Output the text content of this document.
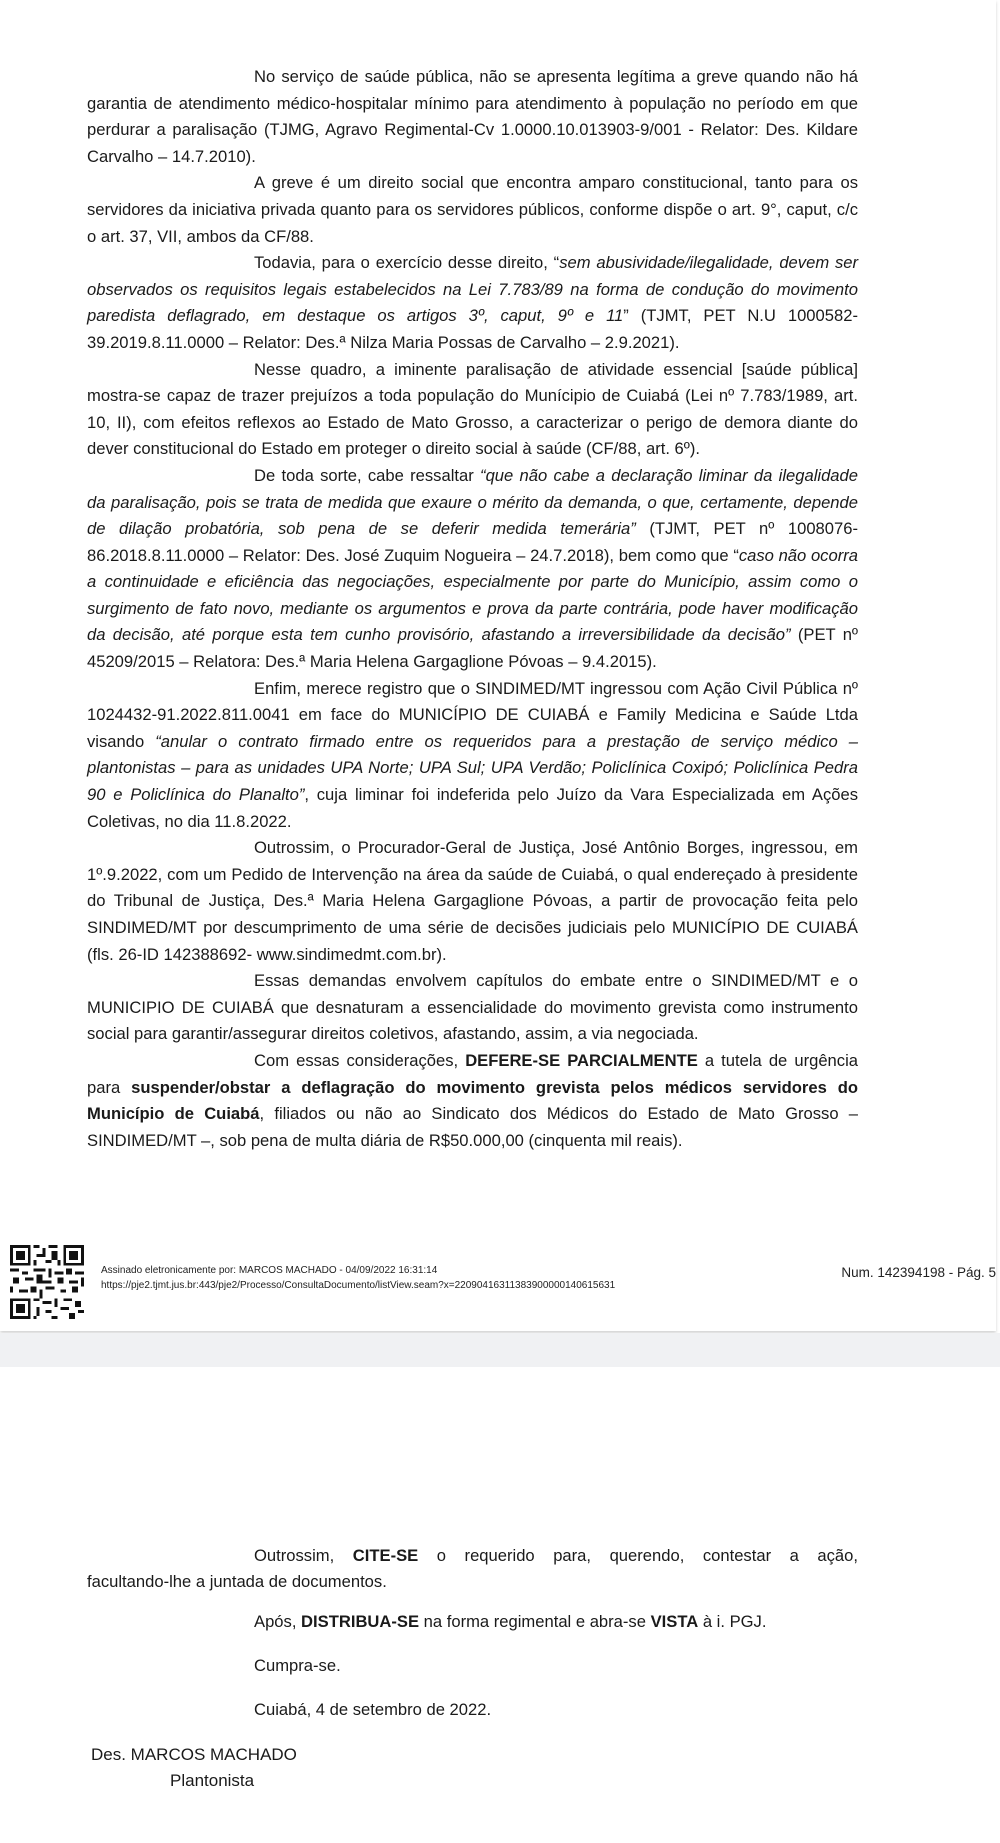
No serviço de saúde pública, não se apresenta legítima a greve quando não há garantia de atendimento médico-hospitalar mínimo para atendimento à população no período em que perdurar a paralisação (TJMG, Agravo Regimental-Cv 1.0000.10.013903-9/001 - Relator: Des. Kildare Carvalho – 14.7.2010).

A greve é um direito social que encontra amparo constitucional, tanto para os servidores da iniciativa privada quanto para os servidores públicos, conforme dispõe o art. 9°, caput, c/c o art. 37, VII, ambos da CF/88.

Todavia, para o exercício desse direito, “sem abusividade/ilegalidade, devem ser observados os requisitos legais estabelecidos na Lei 7.783/89 na forma de condução do movimento paredista deflagrado, em destaque os artigos 3º, caput, 9º e 11” (TJMT, PET N.U 1000582-39.2019.8.11.0000 – Relator: Des.ª Nilza Maria Possas de Carvalho – 2.9.2021).

Nesse quadro, a iminente paralisação de atividade essencial [saúde pública] mostra-se capaz de trazer prejuízos a toda população do Munícipio de Cuiabá (Lei nº 7.783/1989, art. 10, II), com efeitos reflexos ao Estado de Mato Grosso, a caracterizar o perigo de demora diante do dever constitucional do Estado em proteger o direito social à saúde (CF/88, art. 6º).

De toda sorte, cabe ressaltar “que não cabe a declaração liminar da ilegalidade da paralisação, pois se trata de medida que exaure o mérito da demanda, o que, certamente, depende de dilação probatória, sob pena de se deferir medida temerária” (TJMT, PET nº 1008076-86.2018.8.11.0000 – Relator: Des. José Zuquim Nogueira – 24.7.2018), bem como que “caso não ocorra a continuidade e eficiência das negociações, especialmente por parte do Município, assim como o surgimento de fato novo, mediante os argumentos e prova da parte contrária, pode haver modificação da decisão, até porque esta tem cunho provisório, afastando a irreversibilidade da decisão” (PET nº 45209/2015 – Relatora: Des.ª Maria Helena Gargaglione Póvoas – 9.4.2015).

Enfim, merece registro que o SINDIMED/MT ingressou com Ação Civil Pública nº 1024432-91.2022.811.0041 em face do MUNICÍPIO DE CUIABÁ e Family Medicina e Saúde Ltda visando “anular o contrato firmado entre os requeridos para a prestação de serviço médico – plantonistas – para as unidades UPA Norte; UPA Sul; UPA Verdão; Policlínica Coxipó; Policlínica Pedra 90 e Policlínica do Planalto”, cuja liminar foi indeferida pelo Juízo da Vara Especializada em Ações Coletivas, no dia 11.8.2022.

Outrossim, o Procurador-Geral de Justiça, José Antônio Borges, ingressou, em 1º.9.2022, com um Pedido de Intervenção na área da saúde de Cuiabá, o qual endereçado à presidente do Tribunal de Justiça, Des.ª Maria Helena Gargaglione Póvoas, a partir de provocação feita pelo SINDIMED/MT por descumprimento de uma série de decisões judiciais pelo MUNICÍPIO DE CUIABÁ (fls. 26-ID 142388692- www.sindimedmt.com.br).

Essas demandas envolvem capítulos do embate entre o SINDIMED/MT e o MUNICIPIO DE CUIABÁ que desnaturam a essencialidade do movimento grevista como instrumento social para garantir/assegurar direitos coletivos, afastando, assim, a via negociada.

Com essas considerações, DEFERE-SE PARCIALMENTE a tutela de urgência para suspender/obstar a deflagração do movimento grevista pelos médicos servidores do Município de Cuiabá, filiados ou não ao Sindicato dos Médicos do Estado de Mato Grosso – SINDIMED/MT –, sob pena de multa diária de R$50.000,00 (cinquenta mil reais).

Assinado eletronicamente por: MARCOS MACHADO - 04/09/2022 16:31:14
https://pje2.tjmt.jus.br:443/pje2/Processo/ConsultaDocumento/listView.seam?x=22090416311383900000140615631
Num. 142394198 - Pág. 5
Outrossim, CITE-SE o requerido para, querendo, contestar a ação,
facultando-lhe a juntada de documentos.
Após, DISTRIBUA-SE na forma regimental e abra-se VISTA à i. PGJ.
Cumpra-se.
Cuiabá, 4 de setembro de 2022.
Des. MARCOS MACHADO
Plantonista
